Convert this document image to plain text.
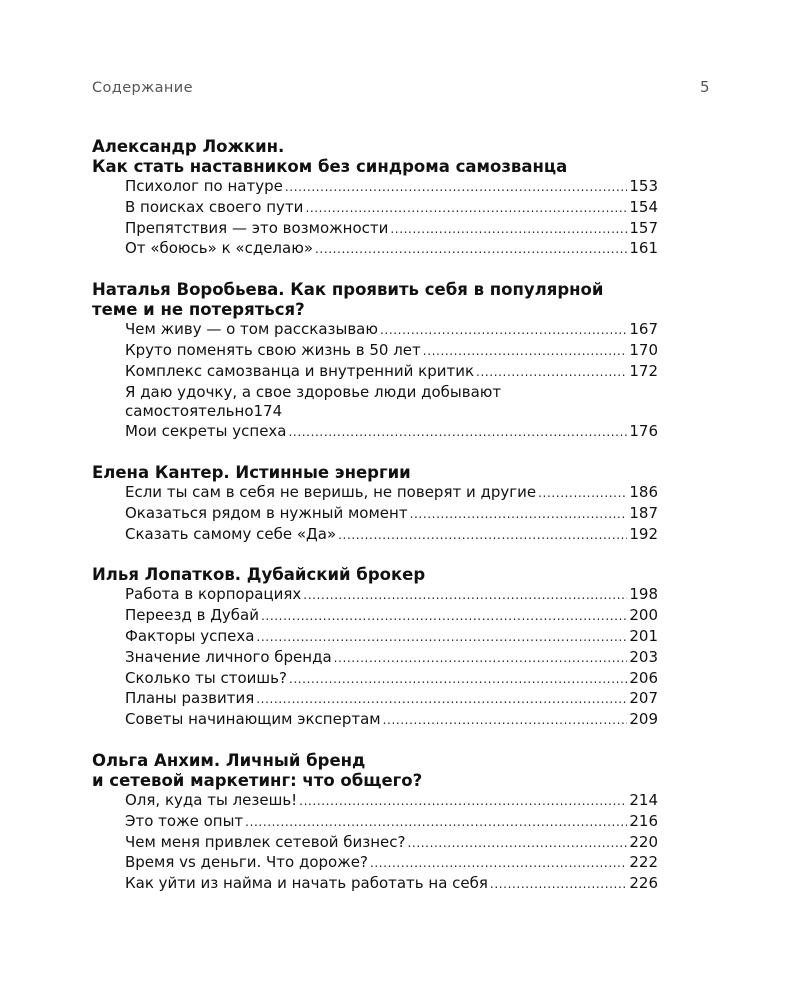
Содержание	5
Александр Ложкин.
Как стать наставником без синдрома самозванца
Психолог по натуре .....	153
В поисках своего пути .....	154
Препятствия — это возможности .....	157
От «боюсь» к «сделаю» .....	161
Наталья Воробьева. Как проявить себя в популярной
теме и не потеряться?
Чем живу — о том рассказываю .....	167
Круто поменять свою жизнь в 50 лет .....	170
Комплекс самозванца и внутренний критик .....	172
Я даю удочку, а свое здоровье люди добывают
самостоятельно 174
Мои секреты успеха .....	176
Елена Кантер. Истинные энергии
Если ты сам в себя не веришь, не поверят и другие .....	186
Оказаться рядом в нужный момент .....	187
Сказать самому себе «Да» .....	192
Илья Лопатков. Дубайский брокер
Работа в корпорациях .....	198
Переезд в Дубай .....	200
Факторы успеха .....	201
Значение личного бренда .....	203
Сколько ты стоишь? .....	206
Планы развития .....	207
Советы начинающим экспертам .....	209
Ольга Анхим. Личный бренд
и сетевой маркетинг: что общего?
Оля, куда ты лезешь! .....	214
Это тоже опыт .....	216
Чем меня привлек сетевой бизнес? .....	220
Время vs деньги. Что дороже? .....	222
Как уйти из найма и начать работать на себя .....	226
